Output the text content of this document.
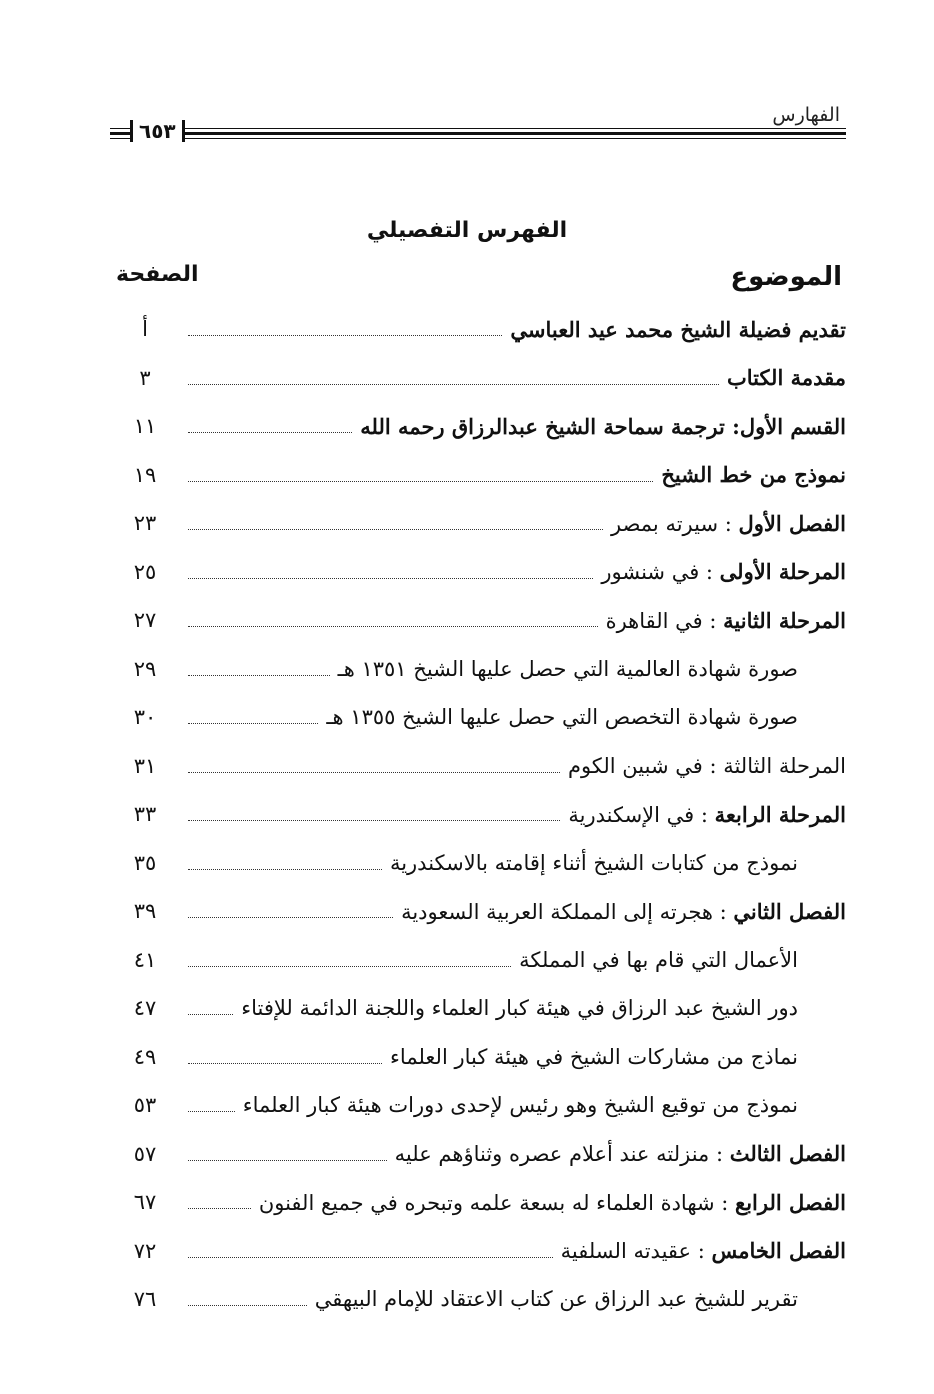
الفهارس
٦٥٣
الفهرس التفصيلي
الموضوع
الصفحة
تقديم فضيلة الشيخ محمد عيد العباسي
أ
مقدمة الكتاب
٣
القسم الأول: ترجمة سماحة الشيخ عبدالرزاق رحمه الله
١١
نموذج من خط الشيخ
١٩
الفصل الأول : سيرته بمصر
٢٣
المرحلة الأولى : في شنشور
٢٥
المرحلة الثانية : في القاهرة
٢٧
صورة شهادة العالمية التي حصل عليها الشيخ ١٣٥١ هـ
٢٩
صورة شهادة التخصص التي حصل عليها الشيخ ١٣٥٥ هـ
٣٠
المرحلة الثالثة : في شبين الكوم
٣١
المرحلة الرابعة : في الإسكندرية
٣٣
نموذج من كتابات الشيخ أثناء إقامته بالاسكندرية
٣٥
الفصل الثاني : هجرته إلى المملكة العربية السعودية
٣٩
الأعمال التي قام بها في المملكة
٤١
دور الشيخ عبد الرزاق في هيئة كبار العلماء واللجنة الدائمة للإفتاء
٤٧
نماذج من مشاركات الشيخ في هيئة كبار العلماء
٤٩
نموذج من توقيع الشيخ وهو رئيس لإحدى دورات هيئة كبار العلماء
٥٣
الفصل الثالث : منزلته عند أعلام عصره وثناؤهم عليه
٥٧
الفصل الرابع : شهادة العلماء له بسعة علمه وتبحره في جميع الفنون
٦٧
الفصل الخامس : عقيدته السلفية
٧٢
تقرير للشيخ عبد الرزاق عن كتاب الاعتقاد للإمام البيهقي
٧٦
